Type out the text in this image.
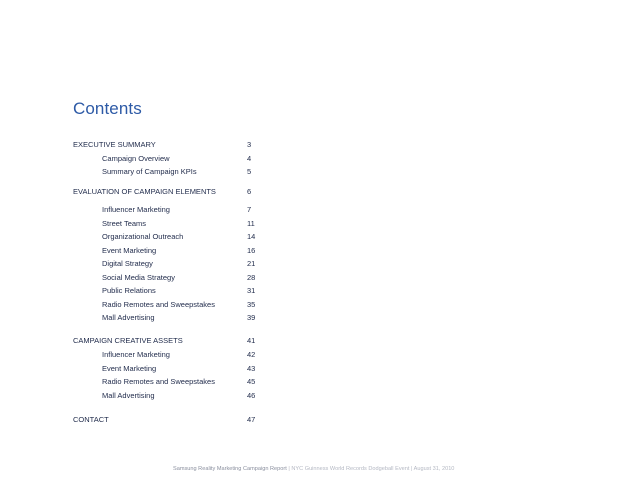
Contents
EXECUTIVE SUMMARY	3
Campaign Overview	4
Summary of Campaign KPIs	5
EVALUATION OF CAMPAIGN ELEMENTS	6
Influencer Marketing	7
Street Teams	11
Organizational Outreach	14
Event Marketing	16
Digital Strategy	21
Social Media Strategy	28
Public Relations	31
Radio Remotes and Sweepstakes	35
Mall Advertising	39
CAMPAIGN CREATIVE ASSETS	41
Influencer Marketing	42
Event Marketing	43
Radio Remotes and Sweepstakes	45
Mall Advertising	46
CONTACT	47
Samsung Reality Marketing Campaign Report | NYC Guinness World Records Dodgeball Event | August 31, 2010
